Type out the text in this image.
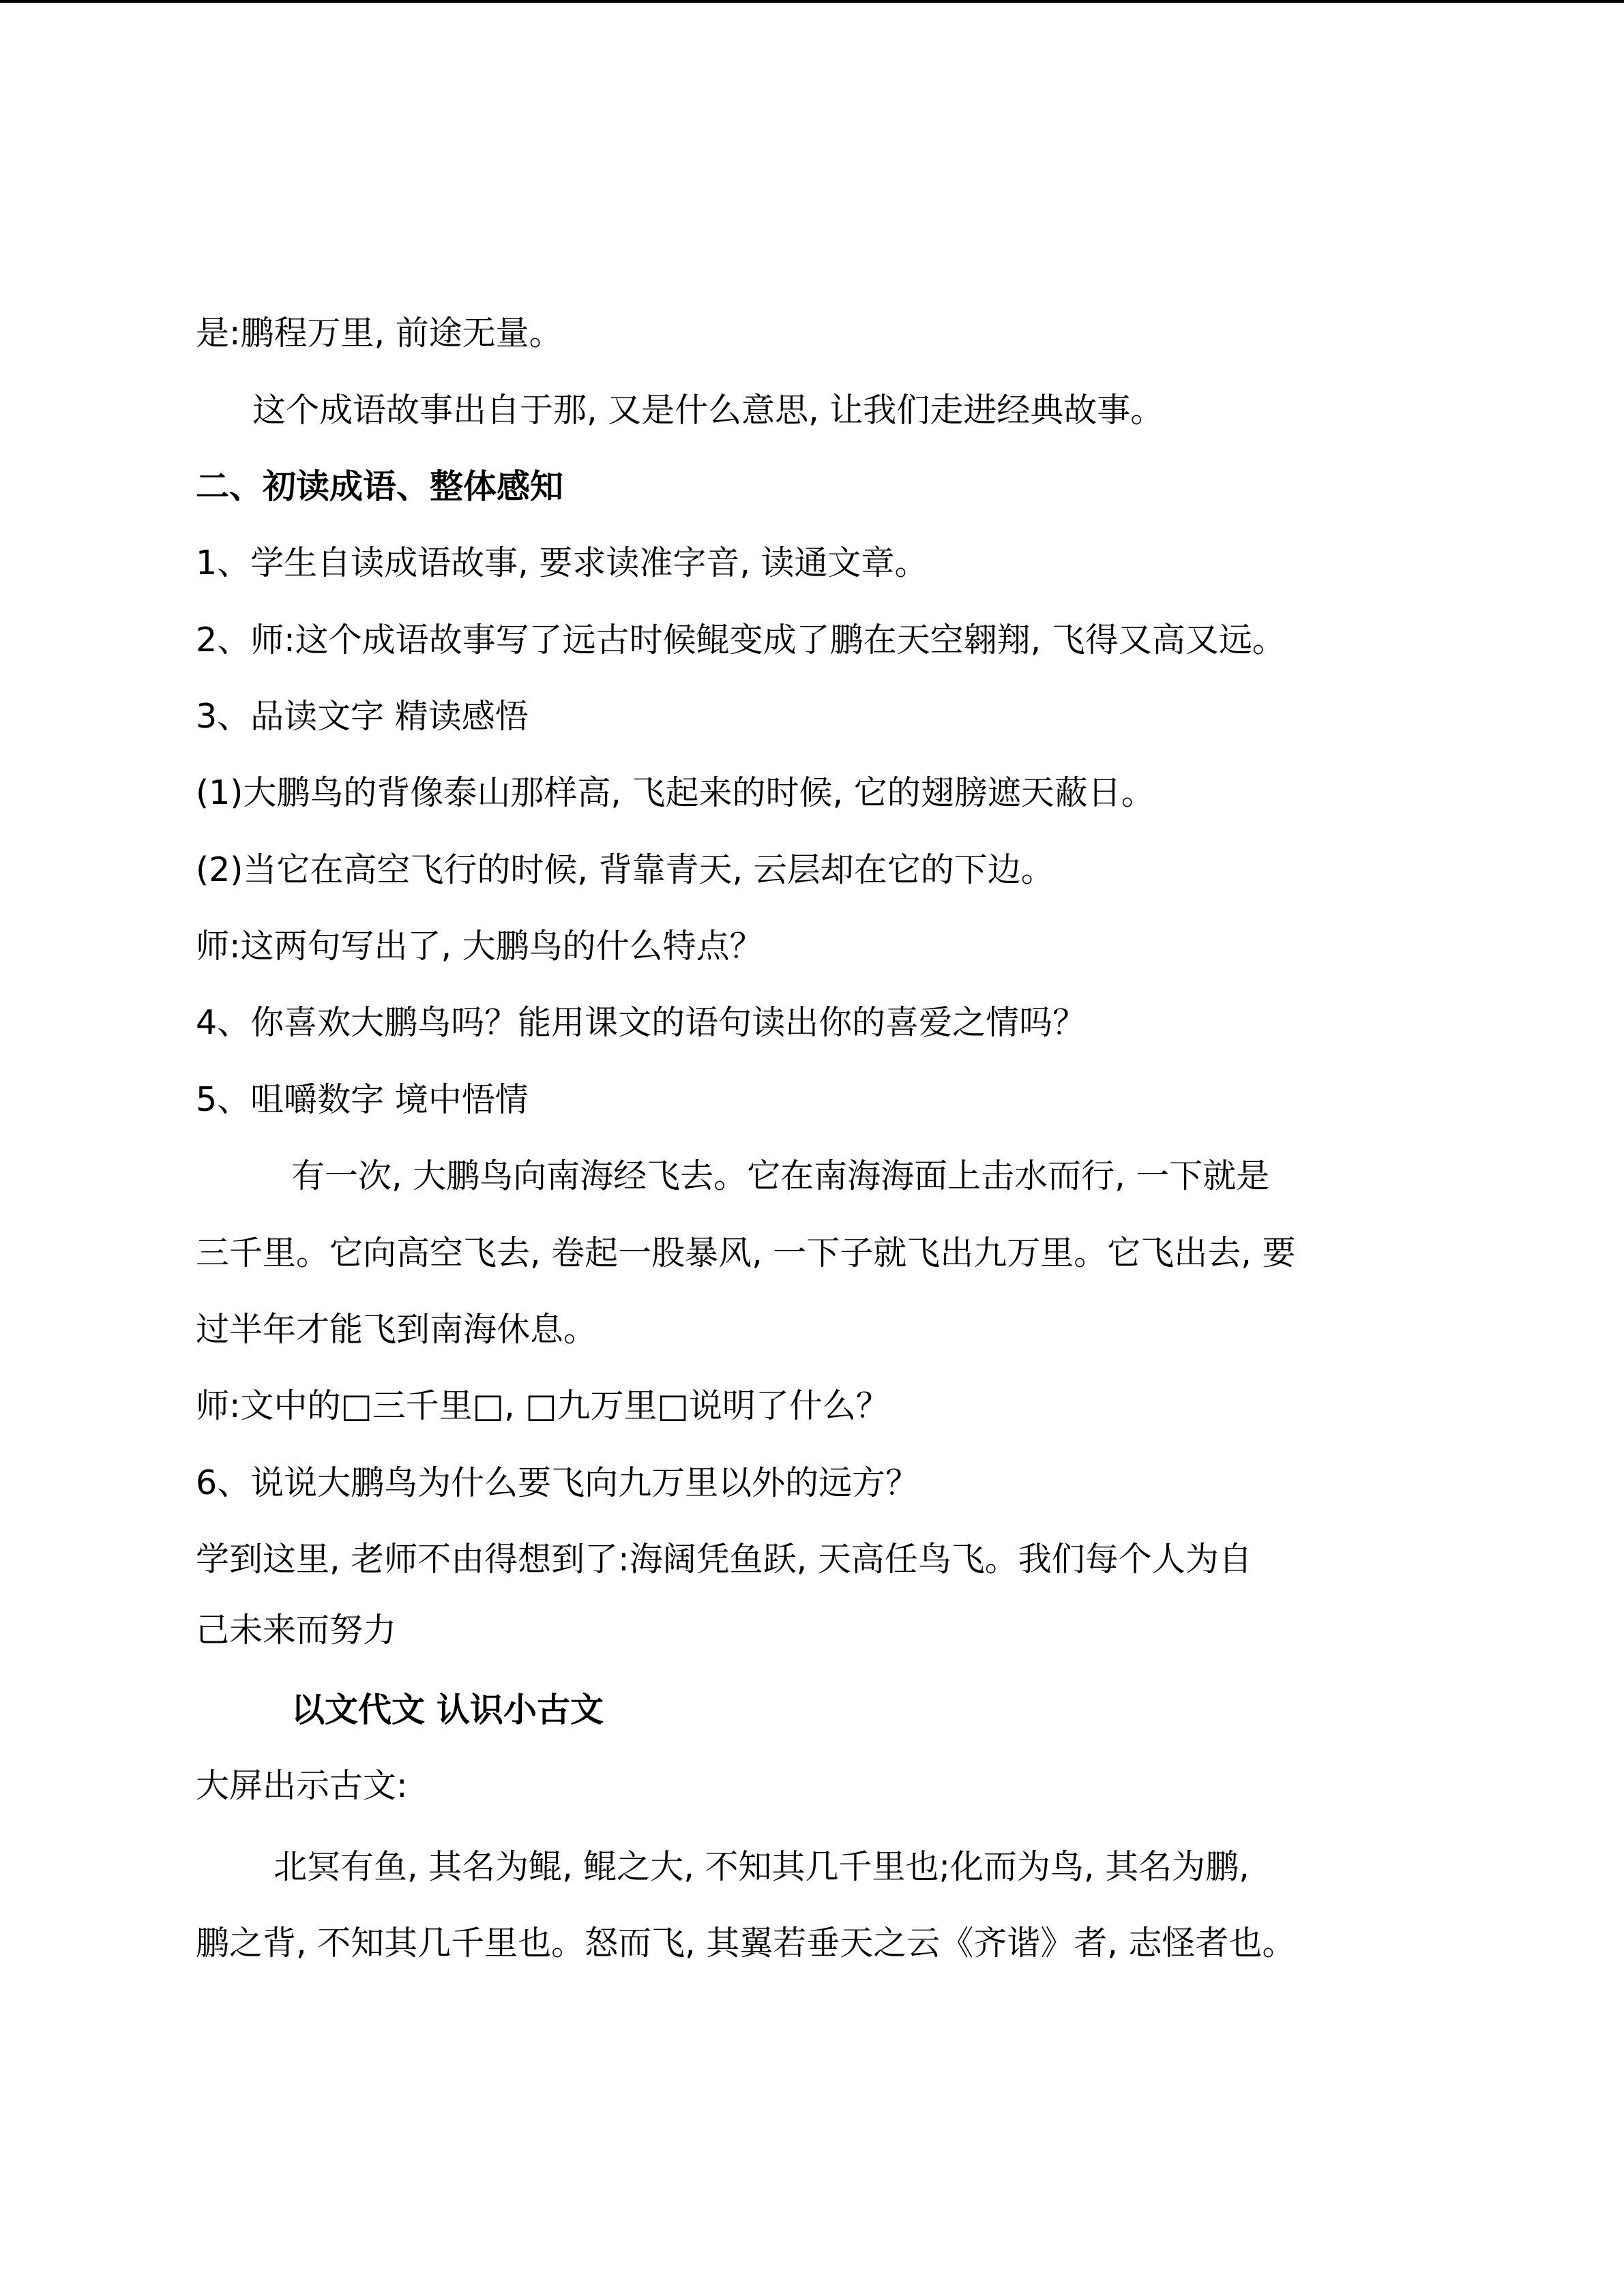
是:鹏程万里, 前途无量。

这个成语故事出自于那, 又是什么意思, 让我们走进经典故事。

二、初读成语、整体感知

1、学生自读成语故事, 要求读准字音, 读通文章。

2、师:这个成语故事写了远古时候鲲变成了鹏在天空翱翔, 飞得又高又远。

3、品读文字 精读感悟

(1)大鹏鸟的背像泰山那样高, 飞起来的时候, 它的翅膀遮天蔽日。

(2)当它在高空飞行的时候, 背靠青天, 云层却在它的下边。

师:这两句写出了, 大鹏鸟的什么特点？

4、你喜欢大鹏鸟吗？能用课文的语句读出你的喜爱之情吗？

5、咀嚼数字 境中悟情

有一次, 大鹏鸟向南海经飞去。它在南海海面上击水而行, 一下就是

三千里。它向高空飞去, 卷起一股暴风, 一下子就飞出九万里。它飞出去, 要

过半年才能飞到南海休息。

师:文中的□三千里□, □九万里□说明了什么？

6、说说大鹏鸟为什么要飞向九万里以外的远方？

学到这里, 老师不由得想到了:海阔凭鱼跃, 天高任鸟飞。我们每个人为自

己未来而努力

以文代文 认识小古文

大屏出示古文:

北冥有鱼, 其名为鲲, 鲲之大, 不知其几千里也;化而为鸟, 其名为鹏,

鹏之背, 不知其几千里也。怒而飞, 其翼若垂天之云《齐谐》者, 志怪者也。
